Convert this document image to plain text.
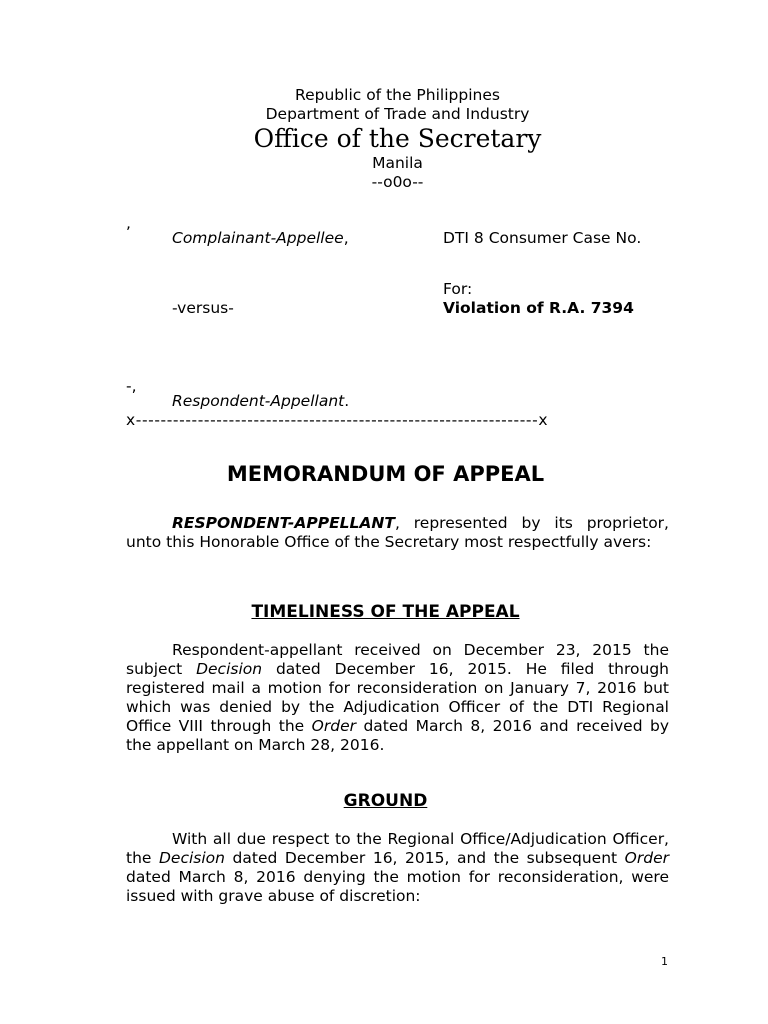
Republic of the Philippines
Department of Trade and Industry
Office of the Secretary
Manila
--o0o--
,
Complainant-Appellee,	DTI 8 Consumer Case No.
For:
Violation of R.A. 7394
-versus-
-,
Respondent-Appellant.
x-----------------------------------------------------------------x
MEMORANDUM OF APPEAL
RESPONDENT-APPELLANT, represented by its proprietor, unto this Honorable Office of the Secretary most respectfully avers:
TIMELINESS OF THE APPEAL
Respondent-appellant received on December 23, 2015 the subject Decision dated December 16, 2015. He filed through registered mail a motion for reconsideration on January 7, 2016 but which was denied by the Adjudication Officer of the DTI Regional Office VIII through the Order dated March 8, 2016 and received by the appellant on March 28, 2016.
GROUND
With all due respect to the Regional Office/Adjudication Officer, the Decision dated December 16, 2015, and the subsequent Order dated March 8, 2016 denying the motion for reconsideration, were issued with grave abuse of discretion:
1
